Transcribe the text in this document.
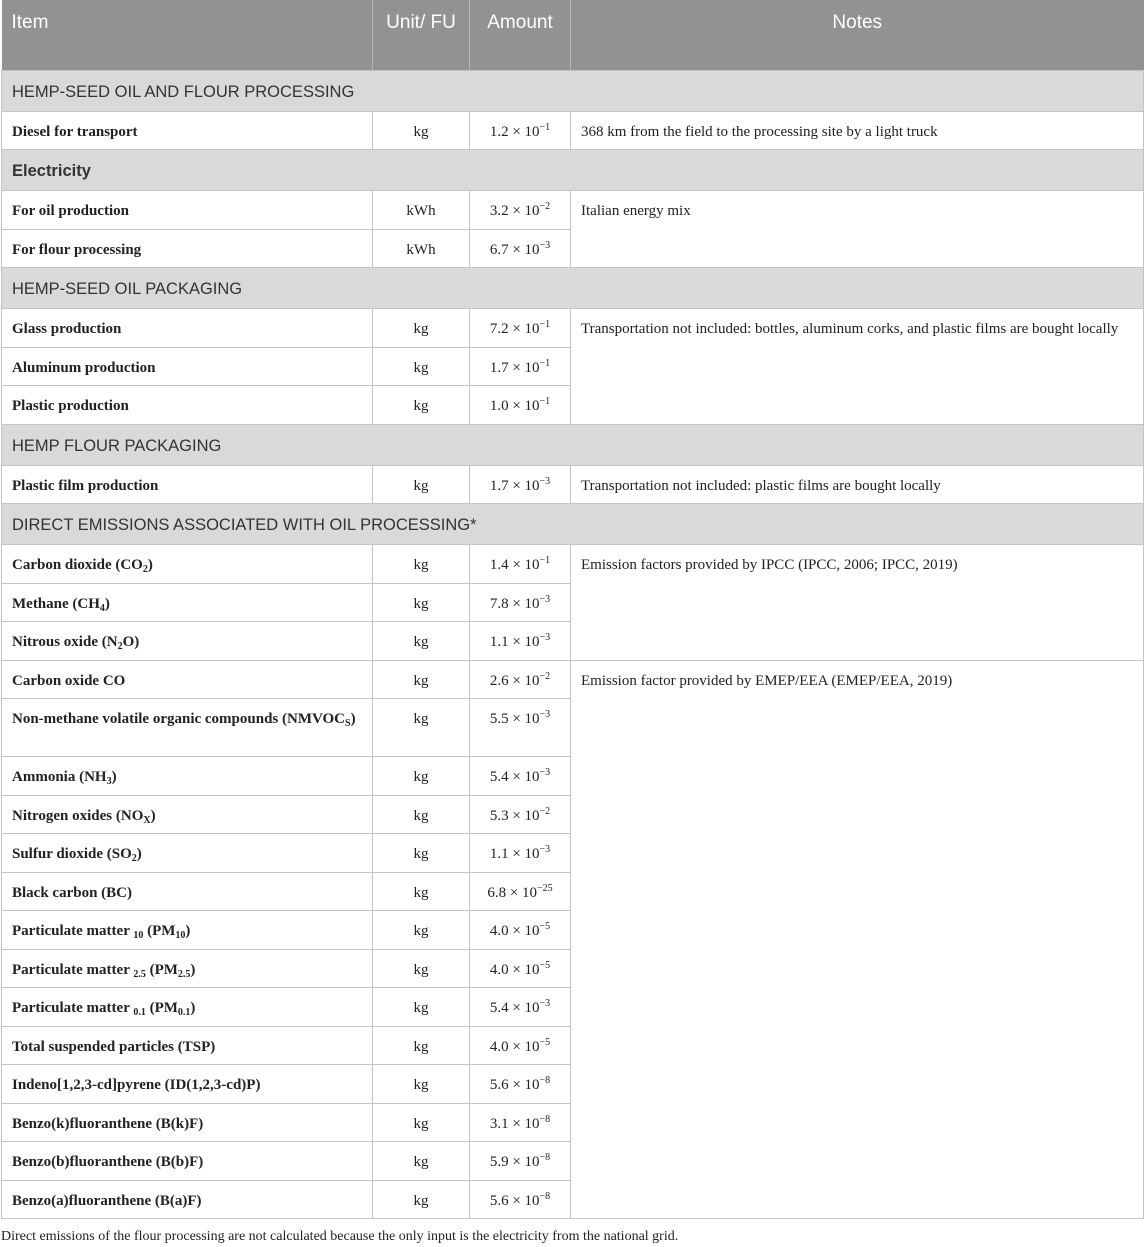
Item	Unit/ FU	Amount	Notes
HEMP-SEED OIL AND FLOUR PROCESSING			
Diesel for transport	kg	$1.2 \times 10^{-1}$	368 km from the field to the processing site by a light truck
Electricity			
For oil production	kWh	$3.2 \times 10^{-2}$	Italian energy mix
For flour processing	kWh	$6.7 \times 10^{-3}$
HEMP-SEED OIL PACKAGING			
Glass production	kg	$7.2 \times 10^{-1}$	Transportation not included: bottles, aluminum corks, and plastic films are bought locally
Aluminum production	kg	$1.7 \times 10^{-1}$
Plastic production	kg	$1.0 \times 10^{-1}$
HEMP FLOUR PACKAGING			
Plastic film production	kg	$1.7 \times 10^{-3}$	Transportation not included: plastic films are bought locally
DIRECT EMISSIONS ASSOCIATED WITH OIL PROCESSING*			
Carbon dioxide $(CO_2)$	kg	$1.4 \times 10^{-1}$	Emission factors provided by IPCC (IPCC, 2006; IPCC, 2019)
Methane $(CH_4)$	kg	$7.8 \times 10^{-3}$
Nitrous oxide $(N_2O)$	kg	$1.1 \times 10^{-3}$
Carbon oxide CO	kg	$2.6 \times 10^{-2}$	Emission factor provided by EMEP/EEA (EMEP/EEA, 2019)
Non-methane volatile organic compounds $(NMVOC_S)$	kg	$5.5 \times 10^{-3}$
Ammonia $(NH_3)$	kg	$5.4 \times 10^{-3}$
Nitrogen oxides $(NO_X)$	kg	$5.3 \times 10^{-2}$
Sulfur dioxide $(SO_2)$	kg	$1.1 \times 10^{-3}$
Black carbon (BC)	kg	$6.8 \times 10^{-25}$
Particulate matter $_{10}$ $(PM_{10})$	kg	$4.0 \times 10^{-5}$
Particulate matter $_{2.5}$ $(PM_{2.5})$	kg	$4.0 \times 10^{-5}$
Particulate matter $_{0.1}$ $(PM_{0.1})$	kg	$5.4 \times 10^{-3}$
Total suspended particles (TSP)	kg	$4.0 \times 10^{-5}$
Indeno[1,2,3-cd]pyrene (ID(1,2,3-cd)P)	kg	$5.6 \times 10^{-8}$
Benzo(k)fluoranthene (B(k)F)	kg	$3.1 \times 10^{-8}$
Benzo(b)fluoranthene (B(b)F)	kg	$5.9 \times 10^{-8}$
Benzo(a)fluoranthene (B(a)F)	kg	$5.6 \times 10^{-8}$
Direct emissions of the flour processing are not calculated because the only input is the electricity from the national grid.
